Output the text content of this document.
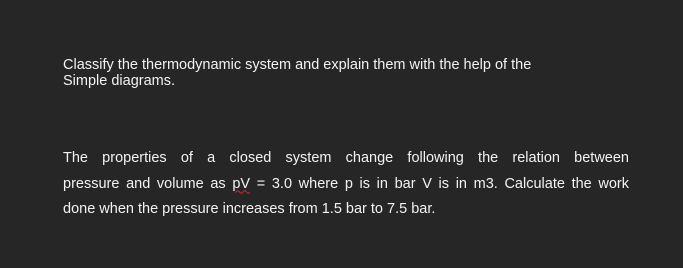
Classify the thermodynamic system and explain them with the help of the
Simple diagrams.

The properties of a closed system change following the relation between
pressure and volume as pV = 3.0 where p is in bar V is in m3. Calculate the work
done when the pressure increases from 1.5 bar to 7.5 bar.
